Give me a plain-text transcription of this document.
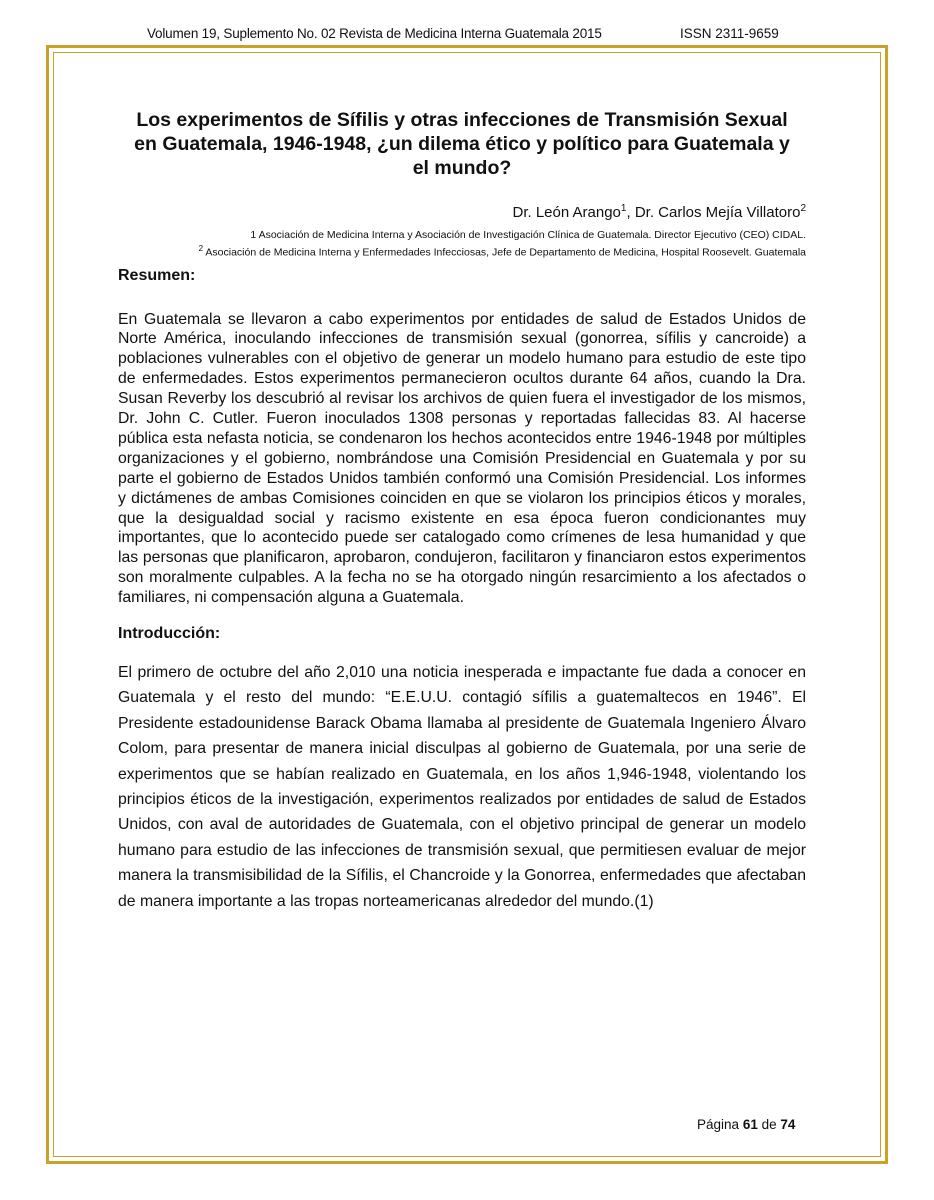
Volumen 19, Suplemento No. 02 Revista de Medicina Interna Guatemala 2015	ISSN 2311-9659
Los experimentos de Sífilis y otras infecciones de Transmisión Sexual en Guatemala, 1946-1948, ¿un dilema ético y político para Guatemala y el mundo?
Dr. León Arango$^1$, Dr. Carlos Mejía Villatoro$^2$
1 Asociación de Medicina Interna y Asociación de Investigación Clínica de Guatemala. Director Ejecutivo (CEO) CIDAL.
$^2$ Asociación de Medicina Interna y Enfermedades Infecciosas, Jefe de Departamento de Medicina, Hospital Roosevelt. Guatemala
Resumen:

En Guatemala se llevaron a cabo experimentos por entidades de salud de Estados Unidos de Norte América, inoculando infecciones de transmisión sexual (gonorrea, sífilis y cancroide) a poblaciones vulnerables con el objetivo de generar un modelo humano para estudio de este tipo de enfermedades. Estos experimentos permanecieron ocultos durante 64 años, cuando la Dra. Susan Reverby los descubrió al revisar los archivos de quien fuera el investigador de los mismos, Dr. John C. Cutler. Fueron inoculados 1308 personas y reportadas fallecidas 83. Al hacerse pública esta nefasta noticia, se condenaron los hechos acontecidos entre 1946-1948 por múltiples organizaciones y el gobierno, nombrándose una Comisión Presidencial en Guatemala y por su parte el gobierno de Estados Unidos también conformó una Comisión Presidencial. Los informes y dictámenes de ambas Comisiones coinciden en que se violaron los principios éticos y morales, que la desigualdad social y racismo existente en esa época fueron condicionantes muy importantes, que lo acontecido puede ser catalogado como crímenes de lesa humanidad y que las personas que planificaron, aprobaron, condujeron, facilitaron y financiaron estos experimentos son moralmente culpables. A la fecha no se ha otorgado ningún resarcimiento a los afectados o familiares, ni compensación alguna a Guatemala.

Introducción:

El primero de octubre del año 2,010 una noticia inesperada e impactante fue dada a conocer en Guatemala y el resto del mundo: “E.E.U.U. contagió sífilis a guatemaltecos en 1946”. El Presidente estadounidense Barack Obama llamaba al presidente de Guatemala Ingeniero Álvaro Colom, para presentar de manera inicial disculpas al gobierno de Guatemala, por una serie de experimentos que se habían realizado en Guatemala, en los años 1,946-1948, violentando los principios éticos de la investigación, experimentos realizados por entidades de salud de Estados Unidos, con aval de autoridades de Guatemala, con el objetivo principal de generar un modelo humano para estudio de las infecciones de transmisión sexual, que permitiesen evaluar de mejor manera la transmisibilidad de la Sífilis, el Chancroide y la Gonorrea, enfermedades que afectaban de manera importante a las tropas norteamericanas alrededor del mundo.(1)

Página 61 de 74
